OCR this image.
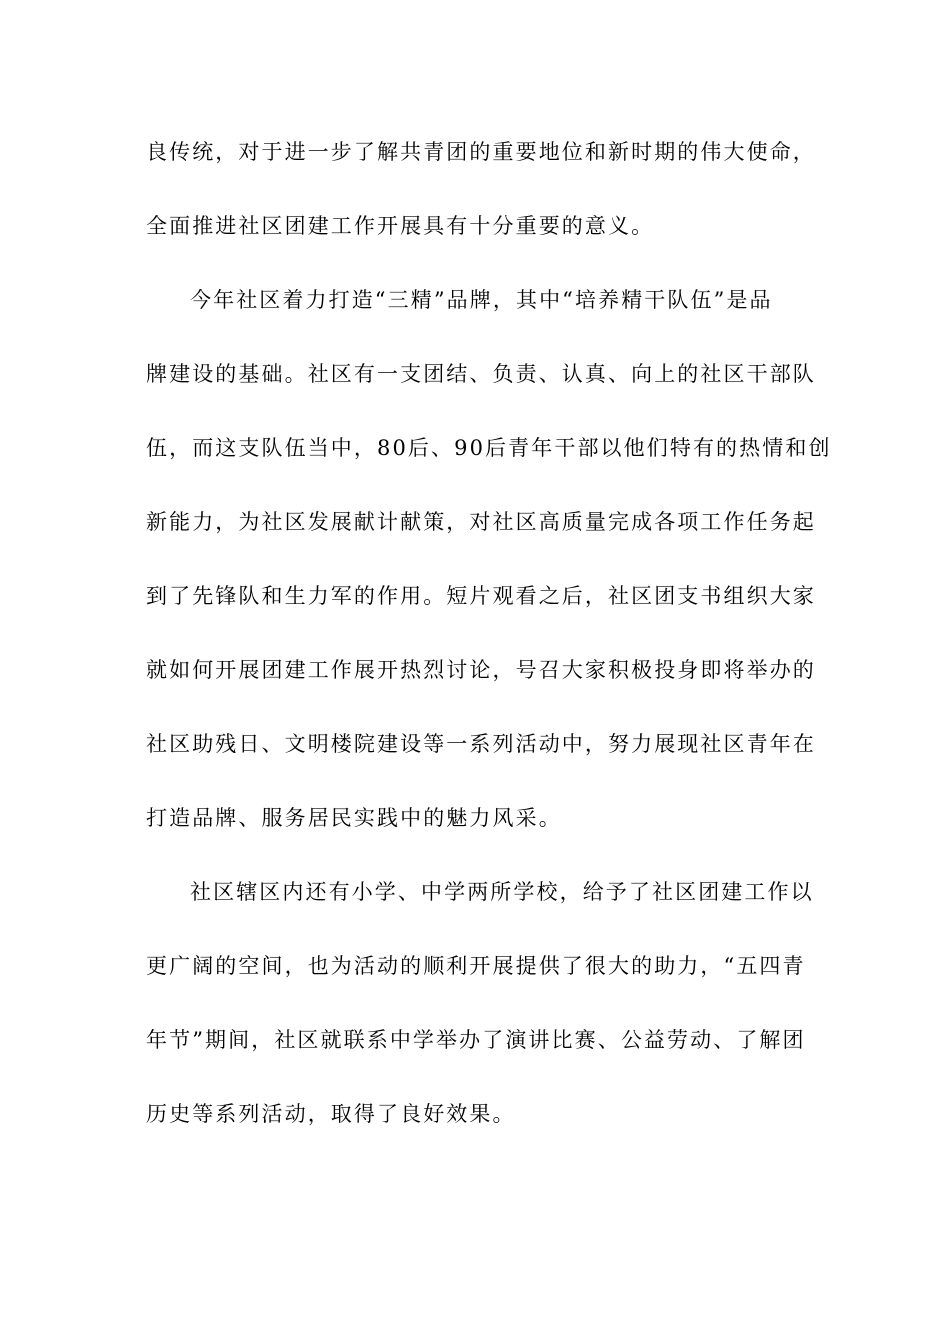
良传统，对于进一步了解共青团的重要地位和新时期的伟大使命，
全面推进社区团建工作开展具有十分重要的意义。
今年社区着力打造“三精”品牌，其中“培养精干队伍”是品
牌建设的基础。社区有一支团结、负责、认真、向上的社区干部队
伍，而这支队伍当中，80后、90后青年干部以他们特有的热情和创
新能力，为社区发展献计献策，对社区高质量完成各项工作任务起
到了先锋队和生力军的作用。短片观看之后，社区团支书组织大家
就如何开展团建工作展开热烈讨论，号召大家积极投身即将举办的
社区助残日、文明楼院建设等一系列活动中，努力展现社区青年在
打造品牌、服务居民实践中的魅力风采。
社区辖区内还有小学、中学两所学校，给予了社区团建工作以
更广阔的空间，也为活动的顺利开展提供了很大的助力，“五四青
年节”期间，社区就联系中学举办了演讲比赛、公益劳动、了解团
历史等系列活动，取得了良好效果。
